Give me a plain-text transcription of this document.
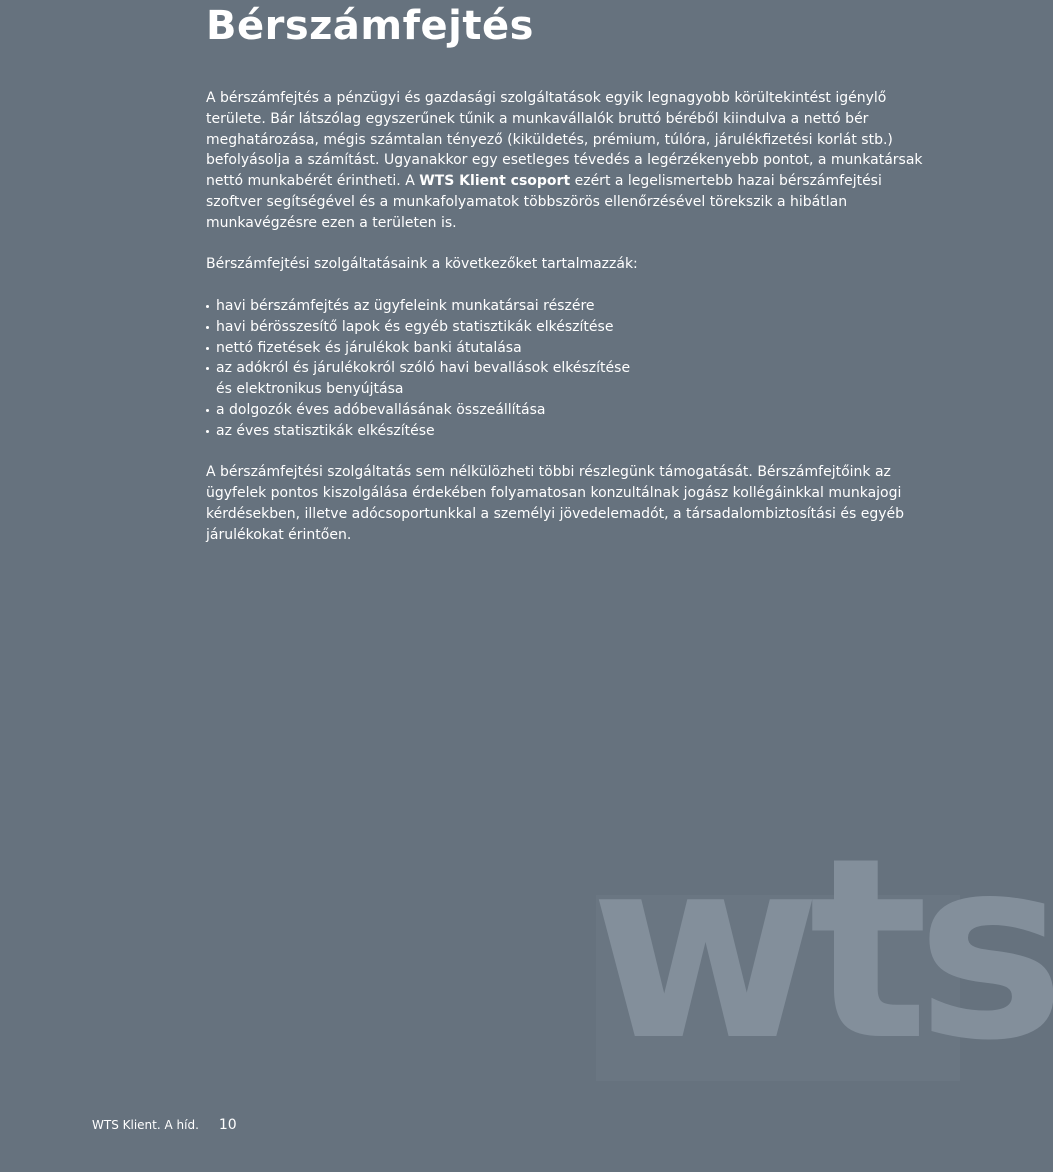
Bérszámfejtés

A bérszámfejtés a pénzügyi és gazdasági szolgáltatások egyik legnagyobb körültekintést igénylő területe. Bár látszólag egyszerűnek tűnik a munkavállalók bruttó béréből kiindulva a nettó bér meghatározása, mégis számtalan tényező (kiküldetés, prémium, túlóra, járulékfizetési korlát stb.) befolyásolja a számítást. Ugyanakkor egy esetleges tévedés a legérzékenyebb pontot, a munkatársak nettó munkabérét érintheti. A WTS Klient csoport ezért a legelismertebb hazai bérszámfejtési szoftver segítségével és a munkafolyamatok többszörös ellenőrzésével törekszik a hibátlan munkavégzésre ezen a területen is.

Bérszámfejtési szolgáltatásaink a következőket tartalmazzák:

havi bérszámfejtés az ügyfeleink munkatársai részére
havi bérösszesítő lapok és egyéb statisztikák elkészítése
nettó fizetések és járulékok banki átutalása
az adókról és járulékokról szóló havi bevallások elkészítése
és elektronikus benyújtása
a dolgozók éves adóbevallásának összeállítása
az éves statisztikák elkészítése

A bérszámfejtési szolgáltatás sem nélkülözheti többi részlegünk támogatását. Bérszámfejtőink az ügyfelek pontos kiszolgálása érdekében folyamatosan konzultálnak jogász kollégáinkkal munkajogi kérdésekben, illetve adócsoportunkkal a személyi jövedelemadót, a társadalombiztosítási és egyéb járulékokat érintően.

wts
WTS Klient. A híd. 10
